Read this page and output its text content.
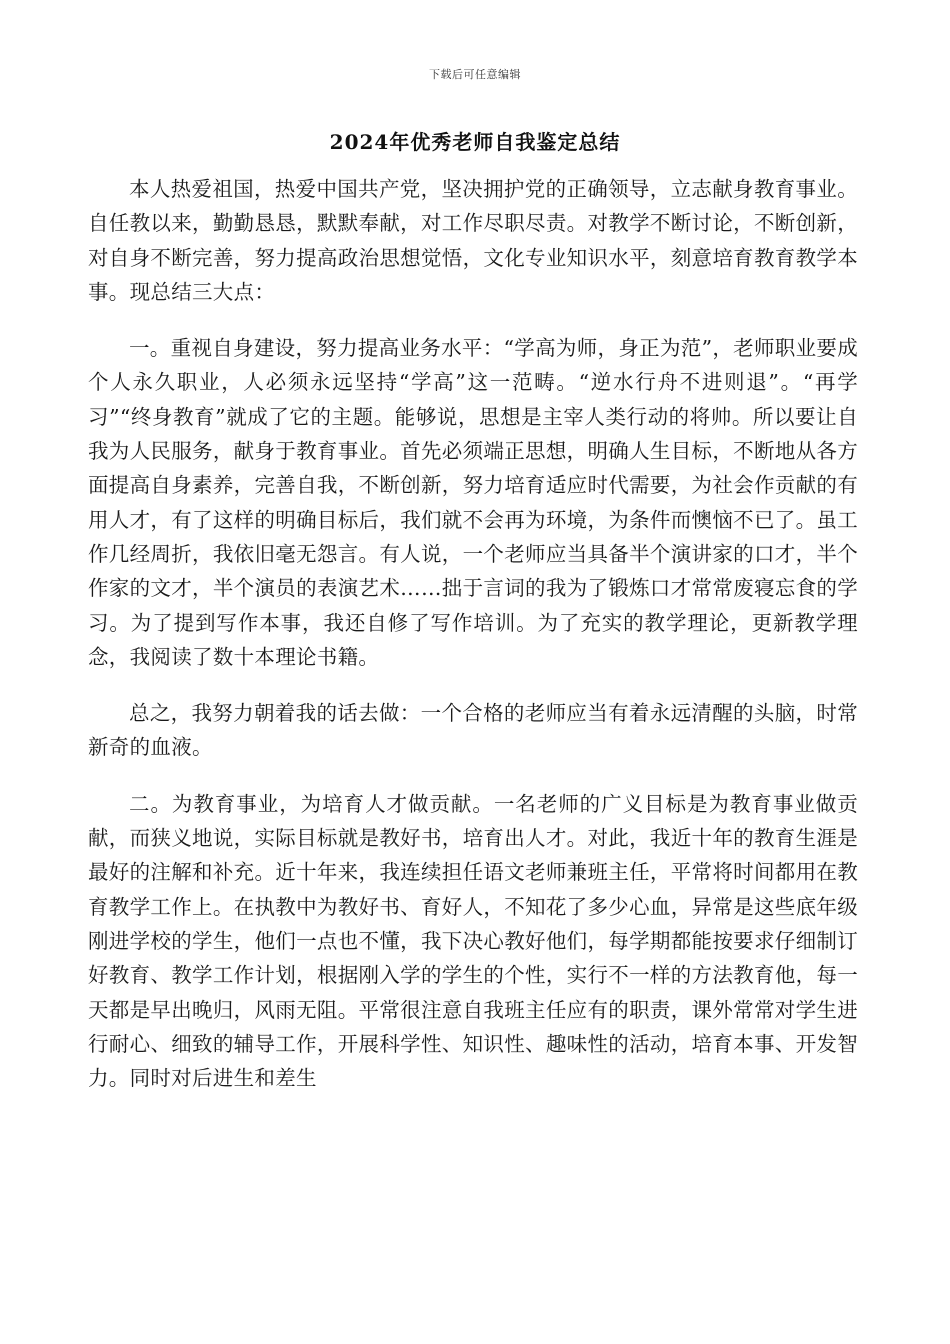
下载后可任意编辑
2024年优秀老师自我鉴定总结

本人热爱祖国，热爱中国共产党，坚决拥护党的正确领导，立志献身教育事业。自任教以来，勤勤恳恳，默默奉献，对工作尽职尽责。对教学不断讨论，不断创新，对自身不断完善，努力提高政治思想觉悟，文化专业知识水平，刻意培育教育教学本事。现总结三大点：

一。重视自身建设，努力提高业务水平：“学高为师，身正为范”，老师职业要成个人永久职业，人必须永远坚持“学高”这一范畴。“逆水行舟不进则退”。“再学习”“终身教育”就成了它的主题。能够说，思想是主宰人类行动的将帅。所以要让自我为人民服务，献身于教育事业。首先必须端正思想，明确人生目标，不断地从各方面提高自身素养，完善自我，不断创新，努力培育适应时代需要，为社会作贡献的有用人才，有了这样的明确目标后，我们就不会再为环境，为条件而懊恼不已了。虽工作几经周折，我依旧毫无怨言。有人说，一个老师应当具备半个演讲家的口才，半个作家的文才，半个演员的表演艺术……拙于言词的我为了锻炼口才常常废寝忘食的学习。为了提到写作本事，我还自修了写作培训。为了充实的教学理论，更新教学理念，我阅读了数十本理论书籍。

总之，我努力朝着我的话去做：一个合格的老师应当有着永远清醒的头脑，时常新奇的血液。

二。为教育事业，为培育人才做贡献。一名老师的广义目标是为教育事业做贡献，而狭义地说，实际目标就是教好书，培育出人才。对此，我近十年的教育生涯是最好的注解和补充。近十年来，我连续担任语文老师兼班主任，平常将时间都用在教育教学工作上。在执教中为教好书、育好人，不知花了多少心血，异常是这些底年级刚进学校的学生，他们一点也不懂，我下决心教好他们，每学期都能按要求仔细制订好教育、教学工作计划，根据刚入学的学生的个性，实行不一样的方法教育他，每一天都是早出晚归，风雨无阻。平常很注意自我班主任应有的职责，课外常常对学生进行耐心、细致的辅导工作，开展科学性、知识性、趣味性的活动，培育本事、开发智力。同时对后进生和差生
